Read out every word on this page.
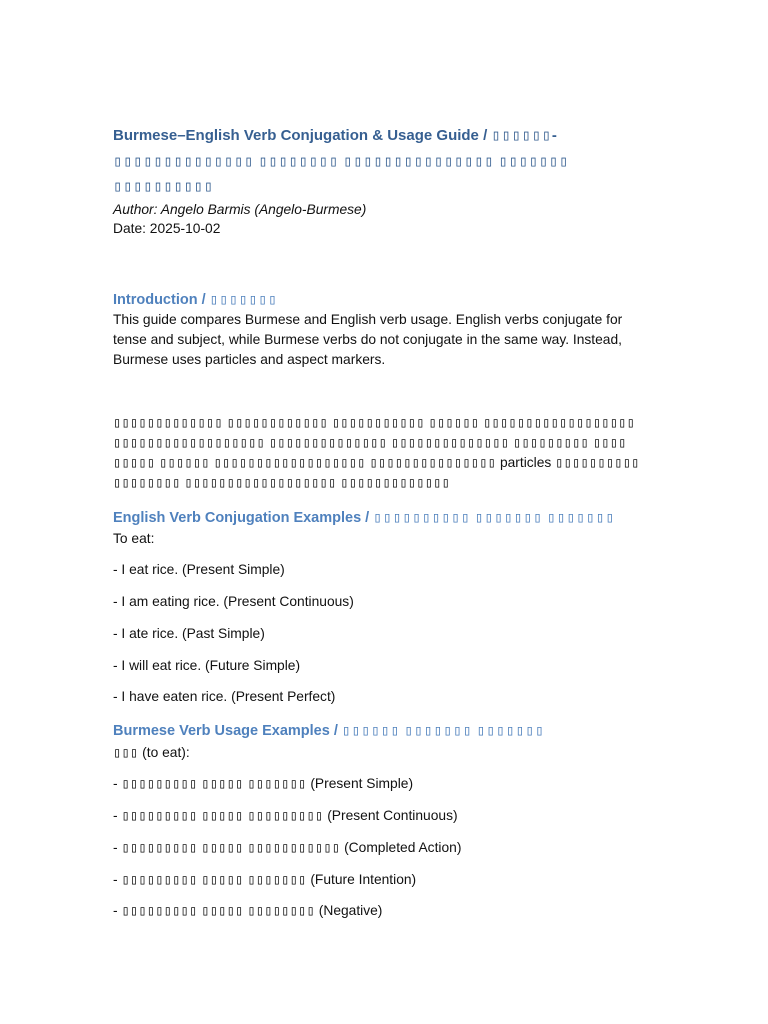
Burmese–English Verb Conjugation & Usage Guide / ▯▯▯▯▯▯-▯▯▯▯▯▯▯▯▯▯▯▯▯▯ ▯▯▯▯▯▯▯▯ ▯▯▯▯▯▯▯▯▯▯▯▯▯▯▯ ▯▯▯▯▯▯▯ ▯▯▯▯▯▯▯▯▯▯

Author: Angelo Barmis (Angelo-Burmese)

Date: 2025-10-02

Introduction / ▯▯▯▯▯▯▯

This guide compares Burmese and English verb usage. English verbs conjugate for tense and subject, while Burmese verbs do not conjugate in the same way. Instead, Burmese uses particles and aspect markers.

▯▯▯▯▯▯▯▯▯▯▯▯▯ ▯▯▯▯▯▯▯▯▯▯▯▯ ▯▯▯▯▯▯▯▯▯▯▯ ▯▯▯▯▯▯ ▯▯▯▯▯▯▯▯▯▯▯▯▯▯▯▯▯▯ ▯▯▯▯▯▯▯▯▯▯▯▯▯▯▯▯▯▯ ▯▯▯▯▯▯▯▯▯▯▯▯▯▯ ▯▯▯▯▯▯▯▯▯▯▯▯▯▯ ▯▯▯▯▯▯▯▯▯ ▯▯▯▯ ▯▯▯▯▯ ▯▯▯▯▯▯ ▯▯▯▯▯▯▯▯▯▯▯▯▯▯▯▯▯▯ ▯▯▯▯▯▯▯▯▯▯▯▯▯▯▯ particles ▯▯▯▯▯▯▯▯▯▯ ▯▯▯▯▯▯▯▯ ▯▯▯▯▯▯▯▯▯▯▯▯▯▯▯▯▯▯ ▯▯▯▯▯▯▯▯▯▯▯▯▯

English Verb Conjugation Examples / ▯▯▯▯▯▯▯▯▯▯ ▯▯▯▯▯▯▯ ▯▯▯▯▯▯▯

To eat:

- I eat rice. (Present Simple)

- I am eating rice. (Present Continuous)

- I ate rice. (Past Simple)

- I will eat rice. (Future Simple)

- I have eaten rice. (Present Perfect)

Burmese Verb Usage Examples / ▯▯▯▯▯▯ ▯▯▯▯▯▯▯ ▯▯▯▯▯▯▯

▯▯▯ (to eat):

- ▯▯▯▯▯▯▯▯▯ ▯▯▯▯▯ ▯▯▯▯▯▯▯ (Present Simple)

- ▯▯▯▯▯▯▯▯▯ ▯▯▯▯▯ ▯▯▯▯▯▯▯▯▯ (Present Continuous)

- ▯▯▯▯▯▯▯▯▯ ▯▯▯▯▯ ▯▯▯▯▯▯▯▯▯▯▯ (Completed Action)

- ▯▯▯▯▯▯▯▯▯ ▯▯▯▯▯ ▯▯▯▯▯▯▯ (Future Intention)

- ▯▯▯▯▯▯▯▯▯ ▯▯▯▯▯ ▯▯▯▯▯▯▯▯ (Negative)
